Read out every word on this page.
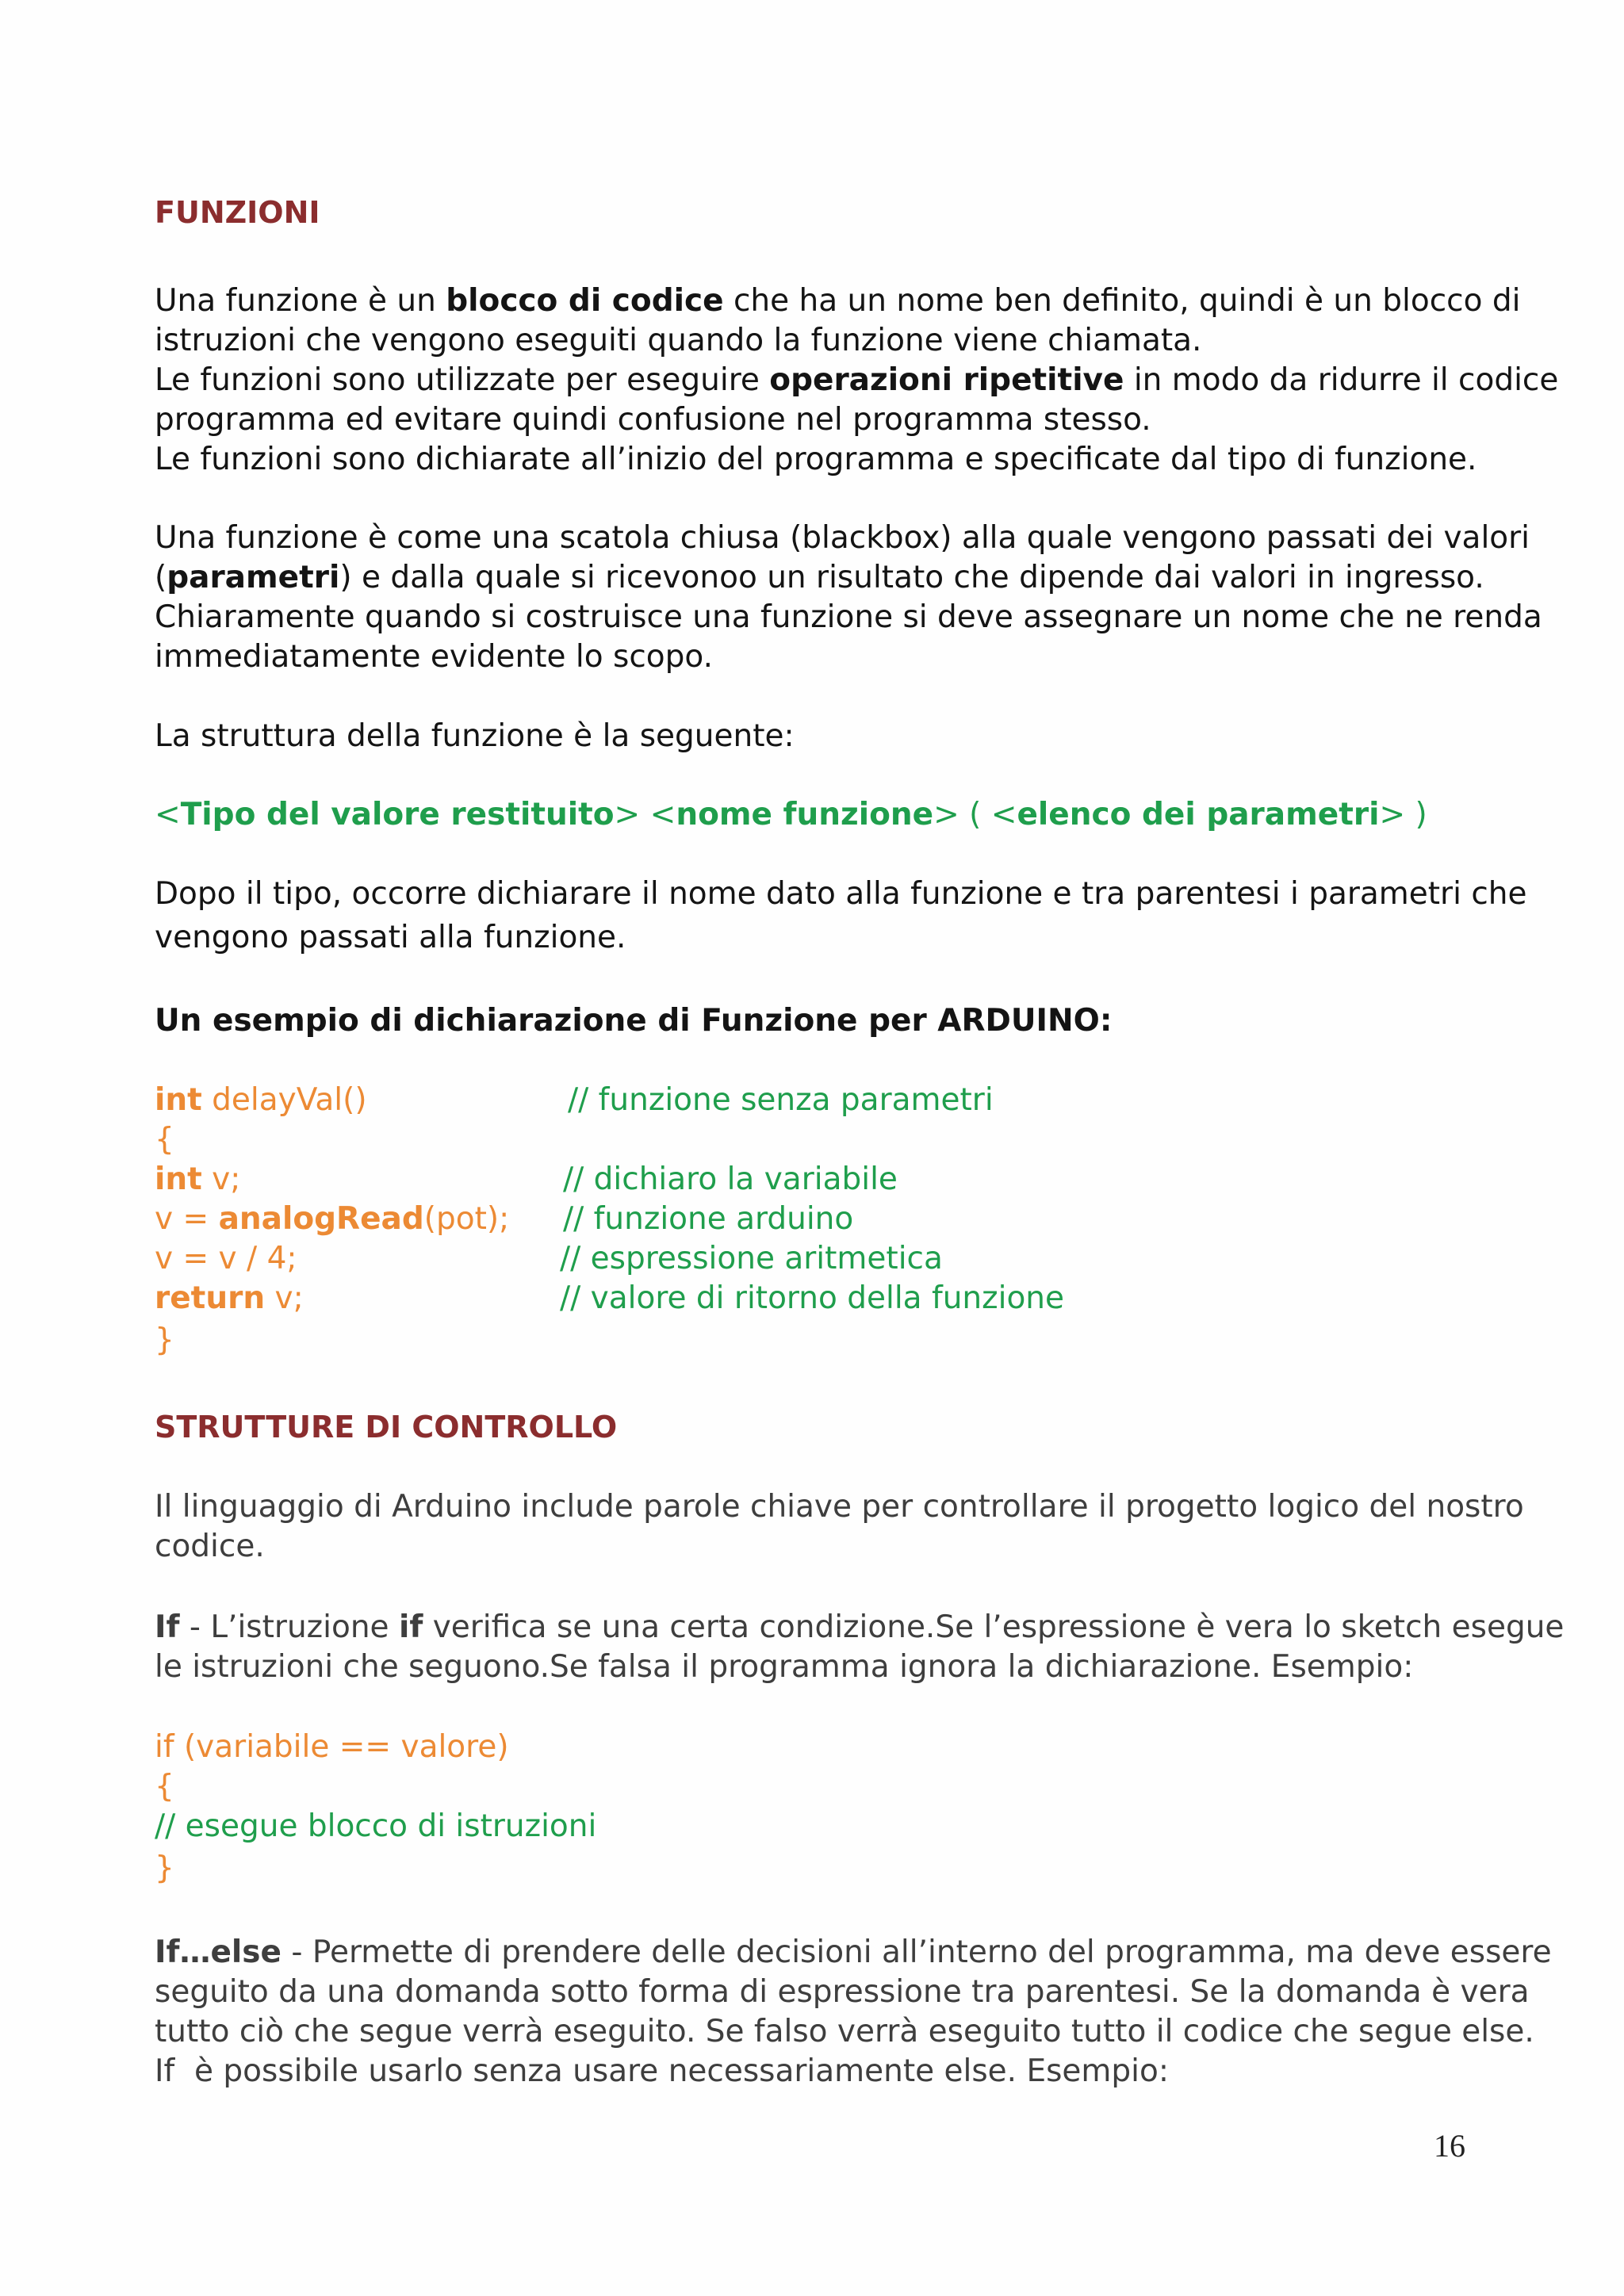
FUNZIONI
Una funzione è un blocco di codice che ha un nome ben definito, quindi è un blocco di
istruzioni che vengono eseguiti quando la funzione viene chiamata.
Le funzioni sono utilizzate per eseguire operazioni ripetitive in modo da ridurre il codice
programma ed evitare quindi confusione nel programma stesso.
Le funzioni sono dichiarate all’inizio del programma e specificate dal tipo di funzione.
Una funzione è come una scatola chiusa (blackbox) alla quale vengono passati dei valori
(parametri) e dalla quale si ricevonoo un risultato che dipende dai valori in ingresso.
Chiaramente quando si costruisce una funzione si deve assegnare un nome che ne renda
immediatamente evidente lo scopo.
La struttura della funzione è la seguente:
<Tipo del valore restituito> <nome funzione> ( <elenco dei parametri> )
Dopo il tipo, occorre dichiarare il nome dato alla funzione e tra parentesi i parametri che
vengono passati alla funzione.
Un esempio di dichiarazione di Funzione per ARDUINO:
int delayVal()	// funzione senza parametri
{
int v;	// dichiaro la variabile
v = analogRead(pot); // funzione arduino
v = v / 4;	// espressione aritmetica
return v;	// valore di ritorno della funzione
}
STRUTTURE DI CONTROLLO
Il linguaggio di Arduino include parole chiave per controllare il progetto logico del nostro
codice.
If - L’istruzione if verifica se una certa condizione.Se l’espressione è vera lo sketch esegue
le istruzioni che seguono.Se falsa il programma ignora la dichiarazione. Esempio:
if (variabile == valore)
{
// esegue blocco di istruzioni
}
If…else - Permette di prendere delle decisioni all’interno del programma, ma deve essere
seguito da una domanda sotto forma di espressione tra parentesi. Se la domanda è vera
tutto ciò che segue verrà eseguito. Se falso verrà eseguito tutto il codice che segue else.
If  è possibile usarlo senza usare necessariamente else. Esempio:
16
